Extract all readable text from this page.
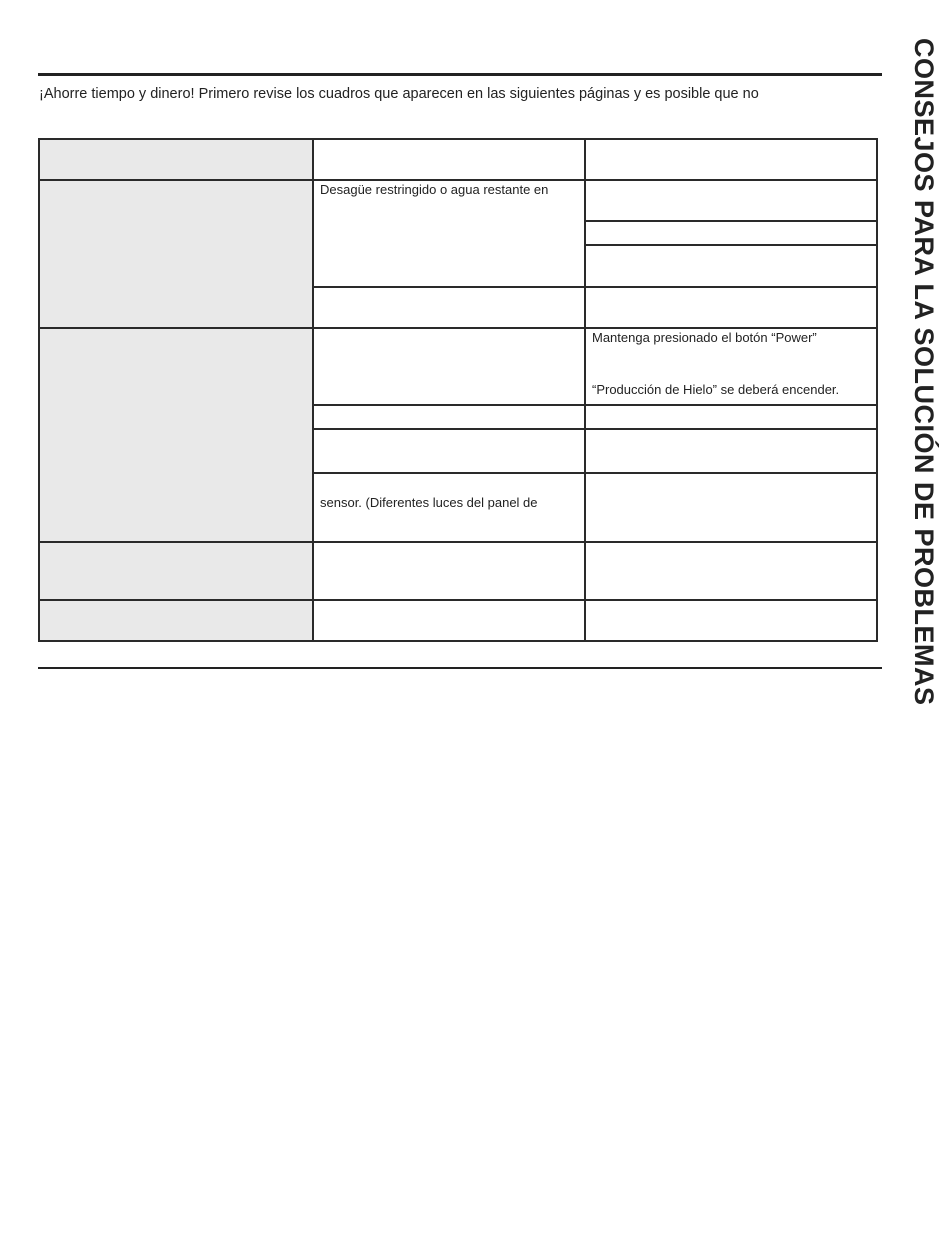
¡Ahorre tiempo y dinero! Primero revise los cuadros que aparecen en las siguientes páginas y es posible que no	CONSEJOS PARA LA SOLUCIÓN DE PROBLEMAS

	Desagüe restringido o agua restante en	

		Mantenga presionado el botón “Power”
“Producción de Hielo” se deberá encender.

	sensor. (Diferentes luces del panel de	
